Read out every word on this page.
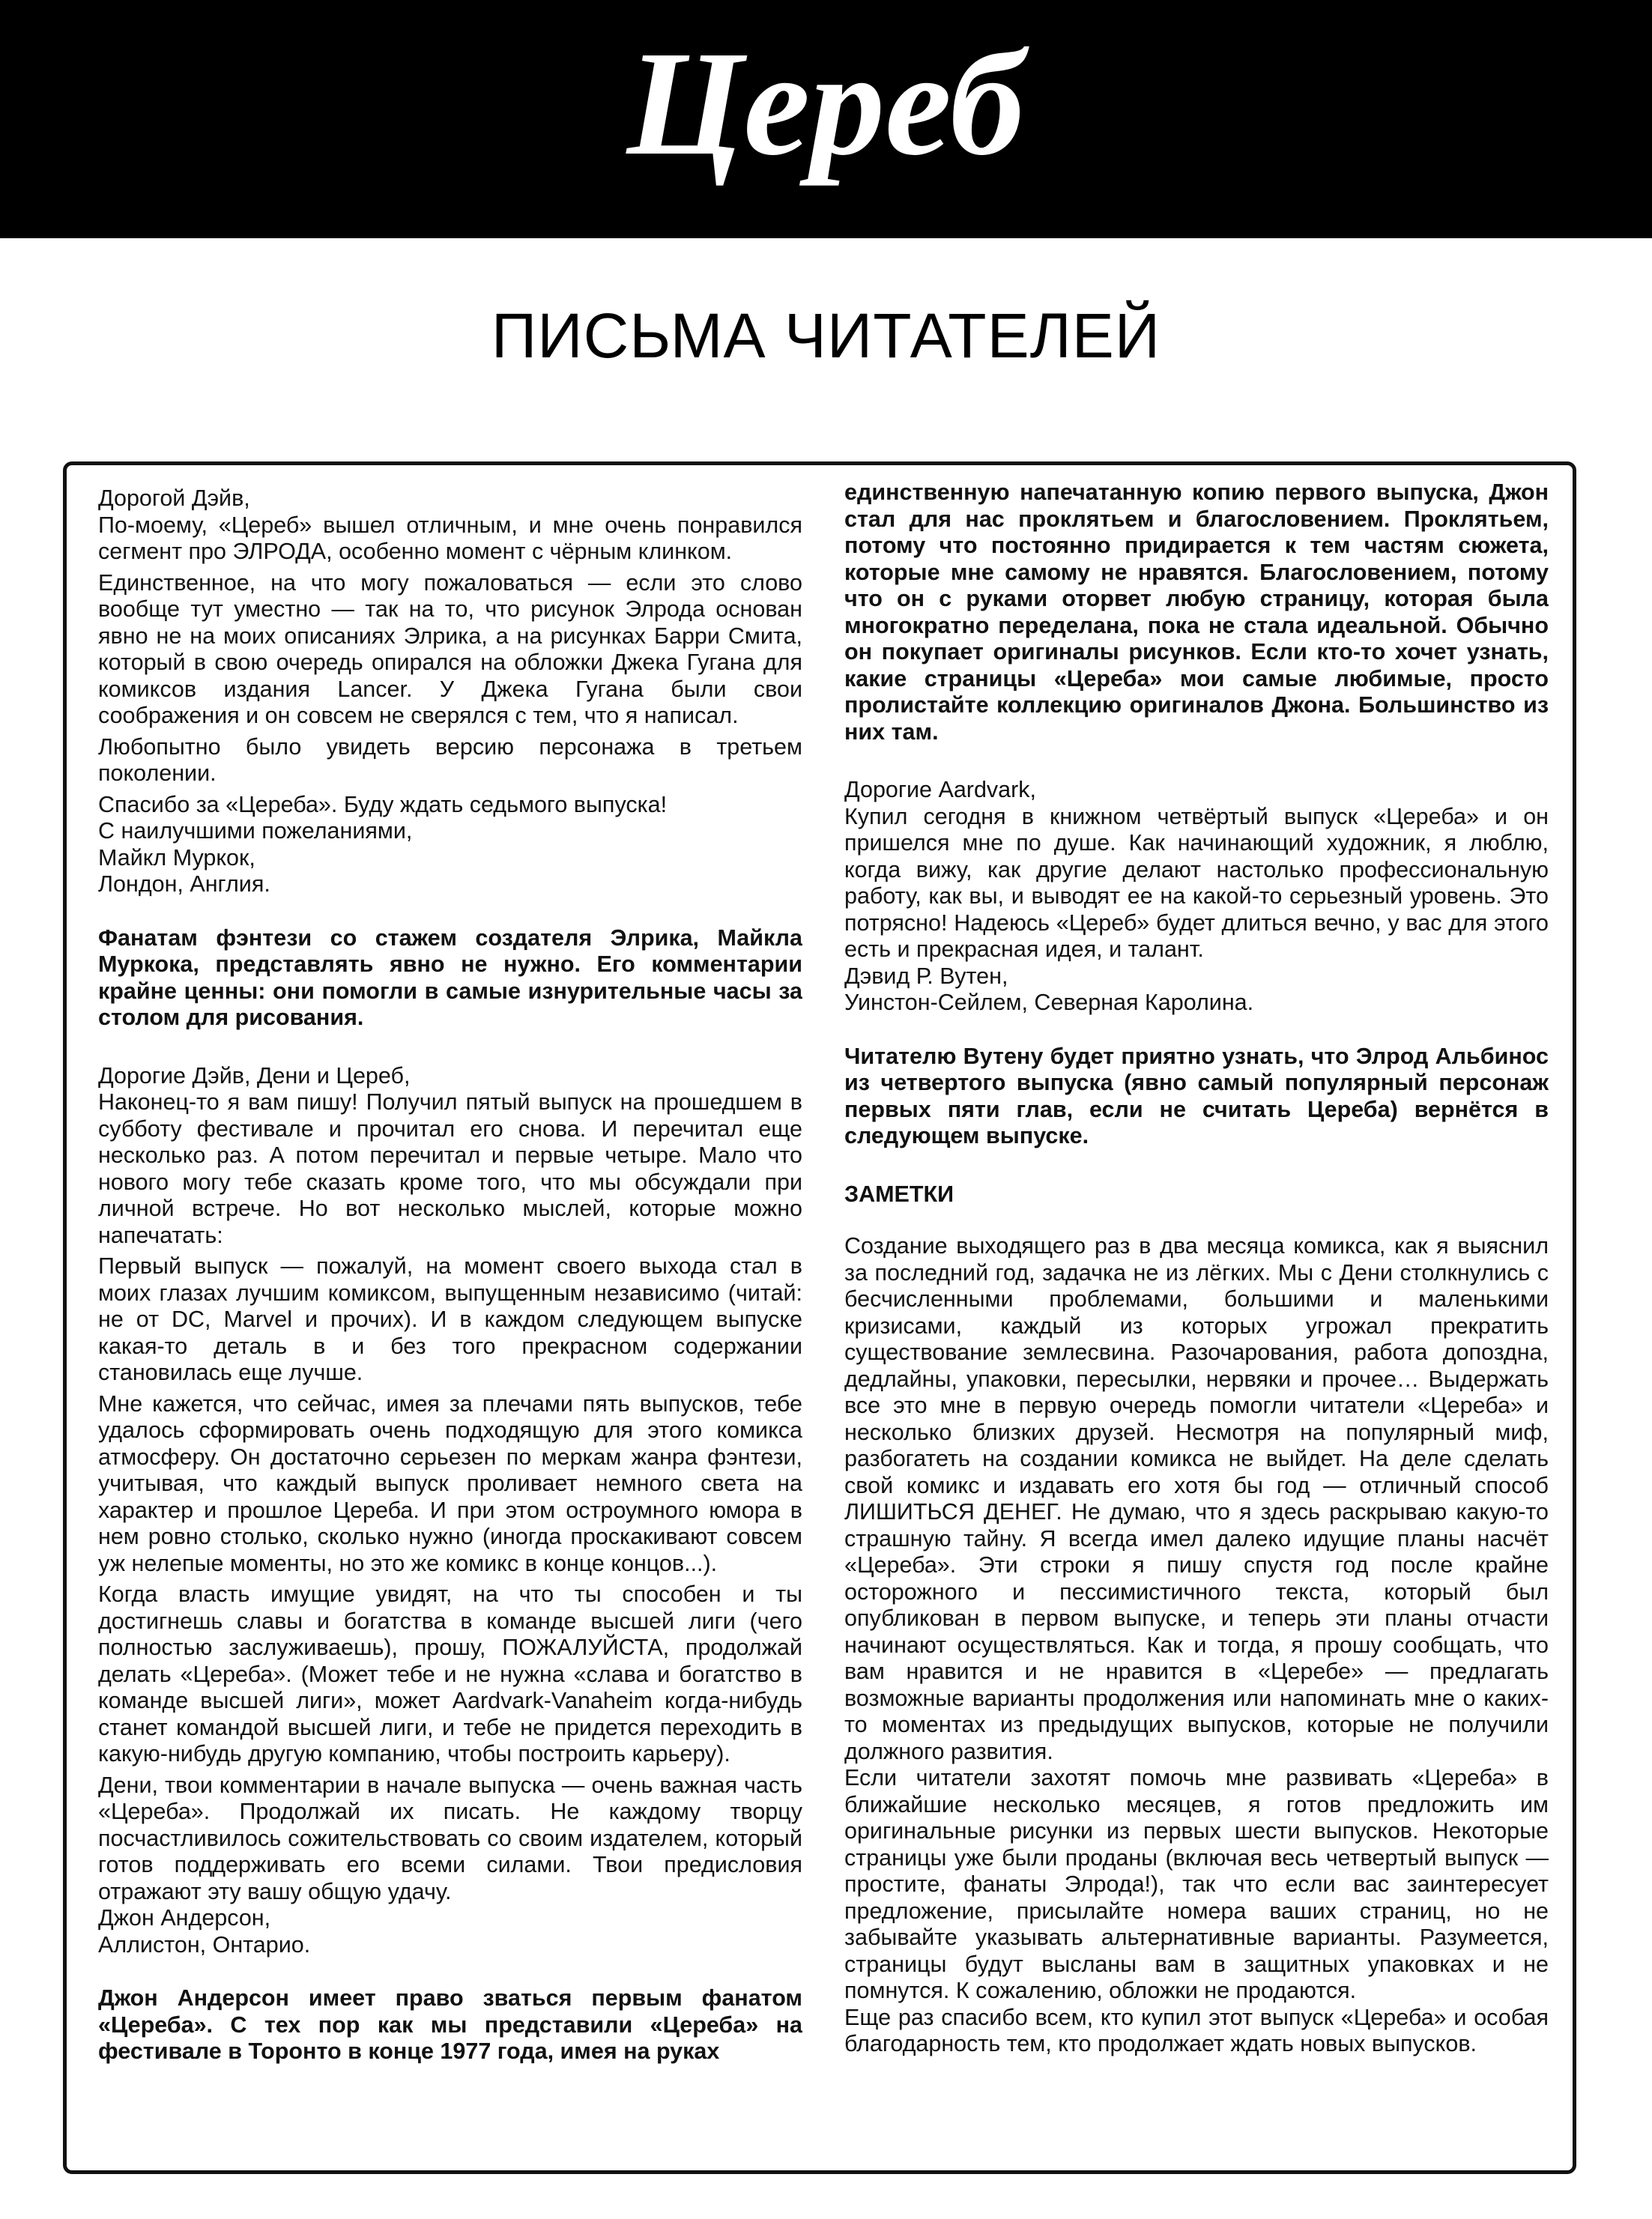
Цереб
ПИСЬМА ЧИТАТЕЛЕЙ

Дорогой Дэйв,

По-моему, «Цереб» вышел отличным, и мне очень понравился сегмент про ЭЛРОДА, особенно момент с чёрным клинком.

Единственное, на что могу пожаловаться — если это слово вообще тут уместно — так на то, что рисунок Элрода основан явно не на моих описаниях Элрика, а на рисунках Барри Смита, который в свою очередь опирался на обложки Джека Гугана для комиксов издания Lancer. У Джека Гугана были свои соображения и он совсем не сверялся с тем, что я написал.

Любопытно было увидеть версию персонажа в третьем поколении.

Спасибо за «Цереба». Буду ждать седьмого выпуска!

С наилучшими пожеланиями,

Майкл Муркок,

Лондон, Англия.

Фанатам фэнтези со стажем создателя Элрика, Майкла Муркока, представлять явно не нужно. Его комментарии крайне ценны: они помогли в самые изнурительные часы за столом для рисования.

Дорогие Дэйв, Дени и Цереб,

Наконец-то я вам пишу! Получил пятый выпуск на прошедшем в субботу фестивале и прочитал его снова. И перечитал еще несколько раз. А потом перечитал и первые четыре. Мало что нового могу тебе сказать кроме того, что мы обсуждали при личной встрече. Но вот несколько мыслей, которые можно напечатать:

Первый выпуск — пожалуй, на момент своего выхода стал в моих глазах лучшим комиксом, выпущенным независимо (читай: не от DC, Marvel и прочих). И в каждом следующем выпуске какая-то деталь в и без того прекрасном содержании становилась еще лучше.

Мне кажется, что сейчас, имея за плечами пять выпусков, тебе удалось сформировать очень подходящую для этого комикса атмосферу. Он достаточно серьезен по меркам жанра фэнтези, учитывая, что каждый выпуск проливает немного света на характер и прошлое Цереба. И при этом остроумного юмора в нем ровно столько, сколько нужно (иногда проскакивают совсем уж нелепые моменты, но это же комикс в конце концов...).

Когда власть имущие увидят, на что ты способен и ты достигнешь славы и богатства в команде высшей лиги (чего полностью заслуживаешь), прошу, ПОЖАЛУЙСТА, продолжай делать «Цереба». (Может тебе и не нужна «слава и богатство в команде высшей лиги», может Aardvark-Vanaheim когда-нибудь станет командой высшей лиги, и тебе не придется переходить в какую-нибудь другую компанию, чтобы построить карьеру).

Дени, твои комментарии в начале выпуска — очень важная часть «Цереба». Продолжай их писать. Не каждому творцу посчастливилось сожительствовать со своим издателем, который готов поддерживать его всеми силами. Твои предисловия отражают эту вашу общую удачу.

Джон Андерсон,

Аллистон, Онтарио.

Джон Андерсон имеет право зваться первым фанатом «Цереба». С тех пор как мы представили «Цереба» на фестивале в Торонто в конце 1977 года, имея на руках

единственную напечатанную копию первого выпуска, Джон стал для нас проклятьем и благословением. Проклятьем, потому что постоянно придирается к тем частям сюжета, которые мне самому не нравятся. Благословением, потому что он с руками оторвет любую страницу, которая была многократно переделана, пока не стала идеальной. Обычно он покупает оригиналы рисунков. Если кто-то хочет узнать, какие страницы «Цереба» мои самые любимые, просто пролистайте коллекцию оригиналов Джона. Большинство из них там.

Дорогие Aardvark,

Купил сегодня в книжном четвёртый выпуск «Цереба» и он пришелся мне по душе. Как начинающий художник, я люблю, когда вижу, как другие делают настолько профессиональную работу, как вы, и выводят ее на какой-то серьезный уровень. Это потрясно! Надеюсь «Цереб» будет длиться вечно, у вас для этого есть и прекрасная идея, и талант.

Дэвид Р. Вутен,

Уинстон-Сейлем, Северная Каролина.

Читателю Вутену будет приятно узнать, что Элрод Альбинос из четвертого выпуска (явно самый популярный персонаж первых пяти глав, если не считать Цереба) вернётся в следующем выпуске.

ЗАМЕТКИ

Создание выходящего раз в два месяца комикса, как я выяснил за последний год, задачка не из лёгких. Мы с Дени столкнулись с бесчисленными проблемами, большими и маленькими кризисами, каждый из которых угрожал прекратить существование землесвина. Разочарования, работа допоздна, дедлайны, упаковки, пересылки, нервяки и прочее… Выдержать все это мне в первую очередь помогли читатели «Цереба» и несколько близких друзей. Несмотря на популярный миф, разбогатеть на создании комикса не выйдет. На деле сделать свой комикс и издавать его хотя бы год — отличный способ ЛИШИТЬСЯ ДЕНЕГ. Не думаю, что я здесь раскрываю какую-то страшную тайну. Я всегда имел далеко идущие планы насчёт «Цереба». Эти строки я пишу спустя год после крайне осторожного и пессимистичного текста, который был опубликован в первом выпуске, и теперь эти планы отчасти начинают осуществляться. Как и тогда, я прошу сообщать, что вам нравится и не нравится в «Церебе» — предлагать возможные варианты продолжения или напоминать мне о каких-то моментах из предыдущих выпусков, которые не получили должного развития.

Если читатели захотят помочь мне развивать «Цереба» в ближайшие несколько месяцев, я готов предложить им оригинальные рисунки из первых шести выпусков. Некоторые страницы уже были проданы (включая весь четвертый выпуск — простите, фанаты Элрода!), так что если вас заинтересует предложение, присылайте номера ваших страниц, но не забывайте указывать альтернативные варианты. Разумеется, страницы будут высланы вам в защитных упаковках и не помнутся. К сожалению, обложки не продаются.

Еще раз спасибо всем, кто купил этот выпуск «Цереба» и особая благодарность тем, кто продолжает ждать новых выпусков.
